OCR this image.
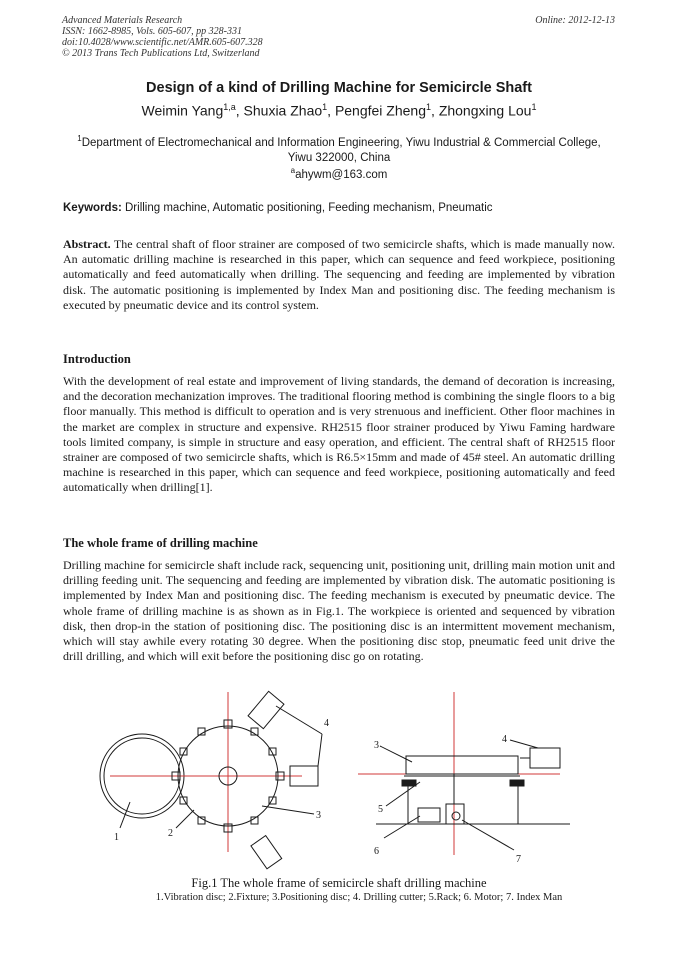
Advanced Materials Research
ISSN: 1662-8985, Vols. 605-607, pp 328-331
doi:10.4028/www.scientific.net/AMR.605-607.328
© 2013 Trans Tech Publications Ltd, Switzerland
Online: 2012-12-13
Design of a kind of Drilling Machine for Semicircle Shaft
Weimin Yang$^{1,a}$, Shuxia Zhao$^1$, Pengfei Zheng$^1$, Zhongxing Lou$^1$
$^1$Department of Electromechanical and Information Engineering, Yiwu Industrial & Commercial College, Yiwu 322000, China
$^a$ahywm@163.com
Keywords: Drilling machine, Automatic positioning, Feeding mechanism, Pneumatic
Abstract. The central shaft of floor strainer are composed of two semicircle shafts, which is made manually now. An automatic drilling machine is researched in this paper, which can sequence and feed workpiece, positioning automatically and feed automatically when drilling. The sequencing and feeding are implemented by vibration disk. The automatic positioning is implemented by Index Man and positioning disc. The feeding mechanism is executed by pneumatic device and its control system.
Introduction
With the development of real estate and improvement of living standards, the demand of decoration is increasing, and the decoration mechanization improves. The traditional flooring method is combining the single floors to a big floor manually. This method is difficult to operation and is very strenuous and inefficient. Other floor machines in the market are complex in structure and expensive. RH2515 floor strainer produced by Yiwu Faming hardware tools limited company, is simple in structure and easy operation, and efficient. The central shaft of RH2515 floor strainer are composed of two semicircle shafts, which is R6.5×15mm and made of 45# steel. An automatic drilling machine is researched in this paper, which can sequence and feed workpiece, positioning automatically and feed automatically when drilling[1].
The whole frame of drilling machine
Drilling machine for semicircle shaft include rack, sequencing unit, positioning unit, drilling main motion unit and drilling feeding unit. The sequencing and feeding are implemented by vibration disk. The automatic positioning is implemented by Index Man and positioning disc. The feeding mechanism is executed by pneumatic device. The whole frame of drilling machine is as shown as in Fig.1. The workpiece is oriented and sequenced by vibration disk, then drop-in the station of positioning disc. The positioning disc is an intermittent movement mechanism, which will stay awhile every rotating 30 degree. When the positioning disc stop, pneumatic feed unit drive the drill drilling, and which will exit before the positioning disc go on rotating.
1	2
3
4
3
4
5
6
7
Fig.1 The whole frame of semicircle shaft drilling machine
1.Vibration disc; 2.Fixture; 3.Positioning disc; 4. Drilling cutter; 5.Rack; 6. Motor; 7. Index Man
